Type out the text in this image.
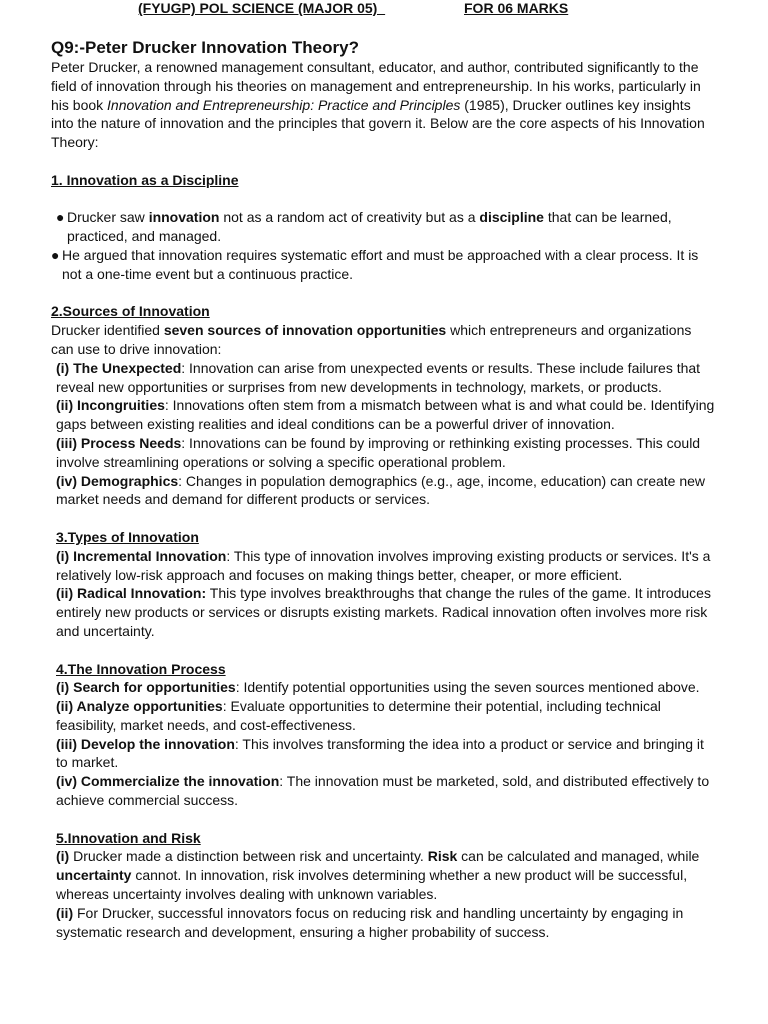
(FYUGP) POL SCIENCE (MAJOR 05)	FOR 06 MARKS
Q9:-Peter Drucker Innovation Theory?

Peter Drucker, a renowned management consultant, educator, and author, contributed significantly to the field of innovation through his theories on management and entrepreneurship. In his works, particularly in his book Innovation and Entrepreneurship: Practice and Principles (1985), Drucker outlines key insights into the nature of innovation and the principles that govern it. Below are the core aspects of his Innovation Theory:

1. Innovation as a Discipline

● Drucker saw innovation not as a random act of creativity but as a discipline that can be learned, practiced, and managed.

● He argued that innovation requires systematic effort and must be approached with a clear process. It is not a one-time event but a continuous practice.

2.Sources of Innovation

Drucker identified seven sources of innovation opportunities which entrepreneurs and organizations can use to drive innovation:

(i) The Unexpected: Innovation can arise from unexpected events or results. These include failures that reveal new opportunities or surprises from new developments in technology, markets, or products.

(ii) Incongruities: Innovations often stem from a mismatch between what is and what could be. Identifying gaps between existing realities and ideal conditions can be a powerful driver of innovation.

(iii) Process Needs: Innovations can be found by improving or rethinking existing processes. This could involve streamlining operations or solving a specific operational problem.

(iv) Demographics: Changes in population demographics (e.g., age, income, education) can create new market needs and demand for different products or services.

3.Types of Innovation

(i) Incremental Innovation: This type of innovation involves improving existing products or services. It's a relatively low-risk approach and focuses on making things better, cheaper, or more efficient.

(ii) Radical Innovation: This type involves breakthroughs that change the rules of the game. It introduces entirely new products or services or disrupts existing markets. Radical innovation often involves more risk and uncertainty.

4.The Innovation Process

(i) Search for opportunities: Identify potential opportunities using the seven sources mentioned above.

(ii) Analyze opportunities: Evaluate opportunities to determine their potential, including technical feasibility, market needs, and cost-effectiveness.

(iii) Develop the innovation: This involves transforming the idea into a product or service and bringing it to market.

(iv) Commercialize the innovation: The innovation must be marketed, sold, and distributed effectively to achieve commercial success.

5.Innovation and Risk

(i) Drucker made a distinction between risk and uncertainty. Risk can be calculated and managed, while uncertainty cannot. In innovation, risk involves determining whether a new product will be successful, whereas uncertainty involves dealing with unknown variables.

(ii) For Drucker, successful innovators focus on reducing risk and handling uncertainty by engaging in systematic research and development, ensuring a higher probability of success.
